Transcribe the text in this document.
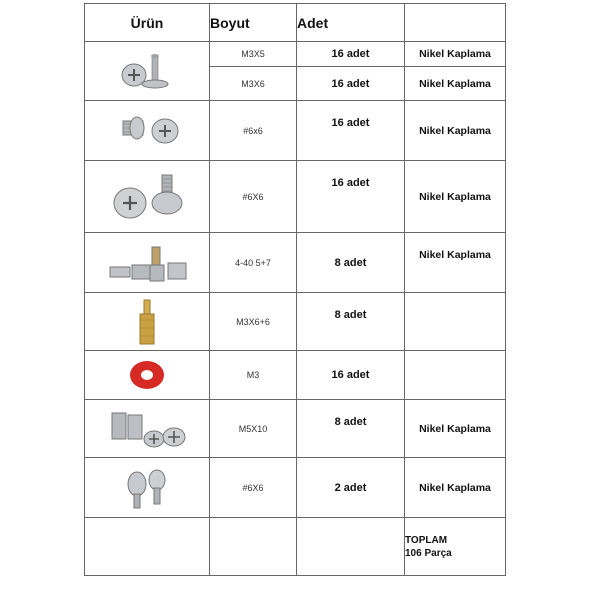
Ürün	Boyut	Adet	

	M3X5	16 adet	Nikel Kaplama
	M3X6	16 adet	Nikel Kaplama

	#6x6	16 adet	Nikel Kaplama

	#6X6	16 adet	Nikel Kaplama

	4-40 5+7	8 adet	Nikel Kaplama

	M3X6+6	8 adet	

	M3	16 adet	

	M5X10	8 adet	Nikel Kaplama

	#6X6	2 adet	Nikel Kaplama

			TOPLAM
106 Parça
